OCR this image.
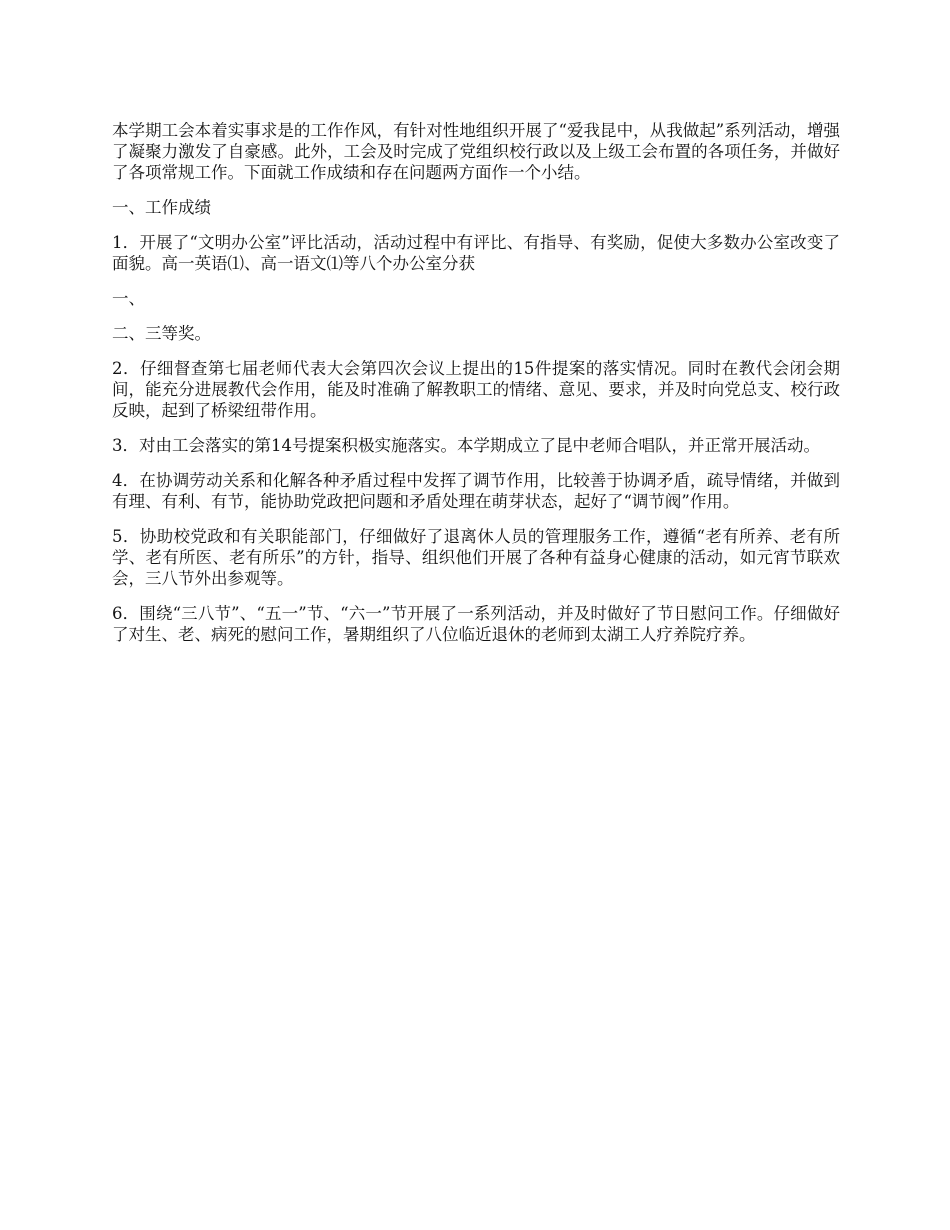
本学期工会本着实事求是的工作作风，有针对性地组织开展了“爱我昆中，从我做起”系列活动，增强了凝聚力激发了自豪感。此外，工会及时完成了党组织校行政以及上级工会布置的各项任务，并做好了各项常规工作。下面就工作成绩和存在问题两方面作一个小结。

一、工作成绩

1．开展了“文明办公室”评比活动，活动过程中有评比、有指导、有奖励，促使大多数办公室改变了面貌。高一英语⑴、高一语文⑴等八个办公室分获

一、

二、三等奖。

2．仔细督查第七届老师代表大会第四次会议上提出的15件提案的落实情况。同时在教代会闭会期间，能充分进展教代会作用，能及时准确了解教职工的情绪、意见、要求，并及时向党总支、校行政反映，起到了桥梁纽带作用。

3．对由工会落实的第14号提案积极实施落实。本学期成立了昆中老师合唱队，并正常开展活动。

4．在协调劳动关系和化解各种矛盾过程中发挥了调节作用，比较善于协调矛盾，疏导情绪，并做到有理、有利、有节，能协助党政把问题和矛盾处理在萌芽状态，起好了“调节阀”作用。

5．协助校党政和有关职能部门，仔细做好了退离休人员的管理服务工作，遵循“老有所养、老有所学、老有所医、老有所乐”的方针，指导、组织他们开展了各种有益身心健康的活动，如元宵节联欢会，三八节外出参观等。

6．围绕“三八节”、“五一”节、“六一”节开展了一系列活动，并及时做好了节日慰问工作。仔细做好了对生、老、病死的慰问工作，暑期组织了八位临近退休的老师到太湖工人疗养院疗养。
